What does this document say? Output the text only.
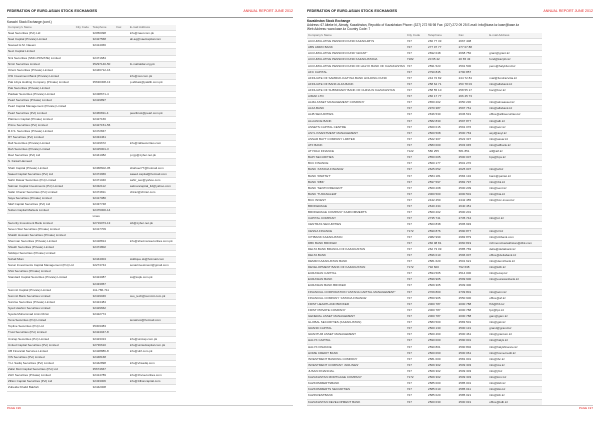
FEDERATION OF EURO-ASIAN STOCK EXCHANGES	ANNUAL REPORT JUNE 2012
Karachi Stock Exchange (cont.)
Company's Name	City Code	Telephone	Fax	E-mail Address
Nael Securities (Pvt) Ltd		32050098		info@nael.com.pk
Nael Capital (Private) Limited		32427568		ali.aq@naelcapital.com
Naveed H.M. Naeem		32414066		
Next Capital Limited				
Nini Securities (SMC-PRIVATE) Limited		32471684		
Nimir Securities Limited		35297140-50		fo.mahaldar.org.pk
Orient Securities (Private) Limited		32446712-16		
OSI Investment Bank (Private) Limited				info@osi.com.pk
Pak Libya Holding Company (Private) Limited		35630308-13		p.abbasi@paklib.com.pk
Pak Securities (Private) Limited				
Paidaar Securities (Private) Limited		32438671-4		
Pearl Securities (Private) Limited		32419897		
Pearl Capital Management (Private) Limited				
Pearl Securities (Pvt) Limited		32466811-4		pearltrust@pearl.com.pk
Platinum Capital (Private) Limited		32427166		
Prime Securities (Pvt) Limited		32427151-56		
R.F.S. Securities (Private) Limited		32472847		
RT Securities (Pvt) Limited		32434461		
Rafi Securities (Private) Limited		32419672		info@rafisecurities.com
Rah Securities (Private) Limited		32415001-3		
Ravi Securities (Pvt) Ltd		32441082		p.rgp@cyber.net.pk
S. Faisal Hameed				
Shah Capital (Private) Limited		32468602-05		shahsec77@hotmail.com
Saaed Capital Securities (Pvt) Ltd		32474966		saaed.capital@hotmail.com
Sahir Dawar Securities (Pvt) Limited		32471040		sahir_sec@yahoo.com
Salman Capital Investments (Pvt) Limited		32432112		salmancapital_ltd@yahoo.com
Safar Cheraz Securities (Pvt) Limited		32474811		chiraz@chiraz.com
Saya Securities (Private) Limited		32417080		
SEZ Capital Securities (Pvt) Ltd		32437748		
Sultan Capital Markets Limited		32476000-14		
		Lines		
Security Investment Bank Limited		32719073-13		sib@cyber.net.pk
Seven Star Securities (Private) Limited		32417709		
Shaikh Hussain Securities (Private) Limited				
Sherman Securities (Private) Limited		32418814		info@shermansecurities.com.pk
Shiekh Securities (Private) Limited		32474802		
Siddiqui Securities (Private) Limited				
Sohail Mian		32444004		siddique.sk@hotmail.com
Sonar Investments Capital Management (Pvt) Ltd		32274744		sonarinvestment@gmail.com
SSA Securities (Private) Limited				
Standard Capital Securities (Private) Limited		32424087		ss@sspk.com.pk
		32433957		
Summit Capital (Private) Limited		111-786-711		
Summit Bank Securities Limited		32419046		ceo_tech@summit.com.pk
Sunrise Securities (Private) Limited		32424484		
Syed Hashmi Securities Limited		32429662		
Syeda Mohammad Amin Rizwi		32422774		
Tena Securities (Pvt) Limited				tenatrust@hotmail.com
Topline Securities (Pvt) Ltd		35303383		
Trust Securities (Pvt) Limited		32424047-8		
Unicap Securities (Pvt) Limited		32423313		info@unicap.com.pk
United Capital Securities (Pvt) Limited		32736610		info@unitedcapital.com.pk
UB Financial Services Limited		32428886-8		info@ubf.com.pk
VIS Securities (Pvt) Limited		32448168		
Y.H. Sadiq Securities (Pvt) Limited		32442898		info@vhsadiq.com
Zafar Moti Capital Securities (Pvt) Ltd		35674667		
ZHV Securities (Private) Limited		32414789		info@zhvsecurities.com
Zillion Capital Securities (Pvt) Ltd		32433006		info@zillioncapital.com
Zubeida Khalid Bakhsh		32442008		
PAGE 196
FEDERATION OF EURO-ASIAN STOCK EXCHANGES	ANNUAL REPORT JUNE 2012
Kazakhstan Stock Exchange
Address: 67 Aiteke bi, Almaty, Kazakhstan, Republic of Kazakhstan Phone: (327) 272 98 98 Fax: (327) 272 09 25 E-mail: info@kase.kz kase@kase.kz
Web Address: www.kase.kz Country Code: 7
Company's Name	City Code	Telephone	Fax	E-mail Address
ACCUMULATIVE PENSION FUND KAZAKHMYS	727	266 77 33	2667 408	
ABN AMRO BANK	727	277 07 77	277 07 88	
ACCUMULATIVE PENSION FUND 'GRANT'	727	2692 048	2668 750	grant@grant.kz
ACCUMULATIVE PENSION FUND KAZAKHSTANA	7182	20 65 42	20 65 43	fund@kazpfs.kz
ACCUMULATIVE PENSION FUND OF HALYK BANK OF KAZAKHSTAN	727	2591 523	2591 500	pens@halykfund.kz
AFC CAPITAL	727	2790 845	2790 857	
AFFILIATE OF SAMRUK-KAZYNA BANK HOLDING FUND	727	244 72 82	244 72 84	mail@fundrazvitia.kz
AFFILIATE OF BANK ALFA BANK	727	258 64 71	250 78 03	info@alfabank.kz
AFFILIATE OF SUBSIDIARY BANK OF CHINA IN KAZAKHSTAN	727	258 55 10	258 55 17	boc@boc.kz
AIMAK LTD	727	266 17 77	266 45 73	
ALMA ASSET MANAGEMENT COMPANY	727	2650 202	2650 230	info@almaasset.kz
ALFA BANK	727	2970 387	2597 761	info@alfabank.kz
ALIB SECURITIES	727	2636 530	2636 531	office@alibsecurities.kz
ALLIANCE BANK	727	2582 830	2597 877	info@alb.kz
ASSETS CAPITAL CENTRE	727	2660 015	2591 076	info@acc.kz
ASYL INVESTMENT MANAGEMENT	727	2500 508	2500 763	asyl@asyl.kz
ASSAR BAYT COMPANY LIMITED	727	2522 307	2522 337	info@assar.kz
ATF BANK	727	2583 000	2503 045	info@atfbank.kz
ATYRAU FINANCE	7122	580 255	581 851	atf@atf.kz
BAPI SECURITIES	727	2550 005	2500 007	bps@bps.kz
BCC FINANCE	727	2500 177	2501 270	
BANK 'ASTANA FINANCE'	727	2625 052	2625 007	info@af.kz
BANK 'PARITET'	727	2584 181	2584 132	bank@paritet.kz
BANK 'RBK'	727	2597 597	2582 797	info@rbk.kz
BANK 'SENTOVRECENT'	727	2500 208	2500 209	info@sent.kz
BANK 'TURANALEM'	727	2000 500	2000 501	info@bta.kz
BCC INVEST	727	2442 450	2442 455	info@bcc-invest.kz
BROKERAGE	727	2640 434	2640 451	
BROKERAGE COMPANY KAZKOMMERTS	727	2500 202	2500 201	
CAPITAL COMPANY	727	2735 741	2735 744	info@cc.kz
CENTRAS SECURITIES	727	2503 838	2595 993	
CESNA FINANCE	7172	2590 876	2590 877	info@cf.kz
CITIBANK KAZAKHSTAN	727	2982 999	2982 879	info@citibank.com
DBK BANK BROKER	727	266 08 81	2660 819	richmond.kazakhstan@dbk.com
DELTA BANK BRANCH OF KAZAKHSTAN	727	262 73 09	2585 769	delta@deltabank.kz
DELTA BANK	727	2596 010	2596 007	office@deltabank.kz
DEMIR KAZAKHSTAN BANK	727	2581 620	2501 621	info@demirbank.kz
DEVELOPMENT BANK OF KAZAKHSTAN	7172	792 600	792 638	info@kdb.kz
EURASIAN CAPITAL	727	2594 505	2514 000	info@ecap.kz
EURASIAN BANK	727	2599 905	2599 900	info@eurasianbank.kz
EURASIAN BANK BROKER	727	2509 305	2509 300	
FINANCIAL CORPORATION 'ASTANA CAPITAL MANAGEMENT'	727	2709 800	2709 801	info@acm.kz
FINANCIAL COMPANY 'ASTANA FINANCE'	727	2550 905	2550 900	office@af.kz
FIRST HEARTLAND BROKER	727	2000 787	2000 788	fhb@fhb.kz
FIRST PRIVATE COMPANY	727	2000 787	2000 788	fpc@fpc.kz
GENERAL ASSET MANAGEMENT	727	2000 787	2000 788	gam@gam.kz
GLOBAL SECURITIES (KAZAKHSTAN)	727	2583 500	2583 501	info@gsk.kz
GRAND CAPITAL	727	2500 130	2500 131	grand@grand.kz
GRANTUM ASSET MANAGEMENT	727	2500 460	2500 461	info@grantum.kz
HALYK CAPITAL	727	2590 000	2590 001	info@halyk.kz
HALYK FINANCE	727	2590 801	2590 802	info@halykfinance.kz
HOME CREDIT BANK	727	2500 060	2500 061	info@homecredit.kz
INVESTMENT BANKING COMPANY	727	2581 000	2581 001	info@ibc.kz
INVESTMENT COMPANY 'AIRLINES'	727	2509 302	2509 303	info@ica.kz
JUSAN FINANCIAL	727	2509 302	2509 303	info@jf.kz
KAZAKHSTAN MORTGAGE COMPANY	7172	2509 302	2509 303	info@kmc.kz
KAZKOMMERTSBANK	727	2585 000	2585 001	info@kkb.kz
KAZKOMMERTS SECURITIES	727	2585 010	2585 011	info@kks.kz
KAZINVESTBANK	727	2585 020	2585 021	info@kib.kz
KAZAKHSTAN DEVELOPMENT BANK	727	2500 030	2500 031	office@kdb.kz
PAGE 197
